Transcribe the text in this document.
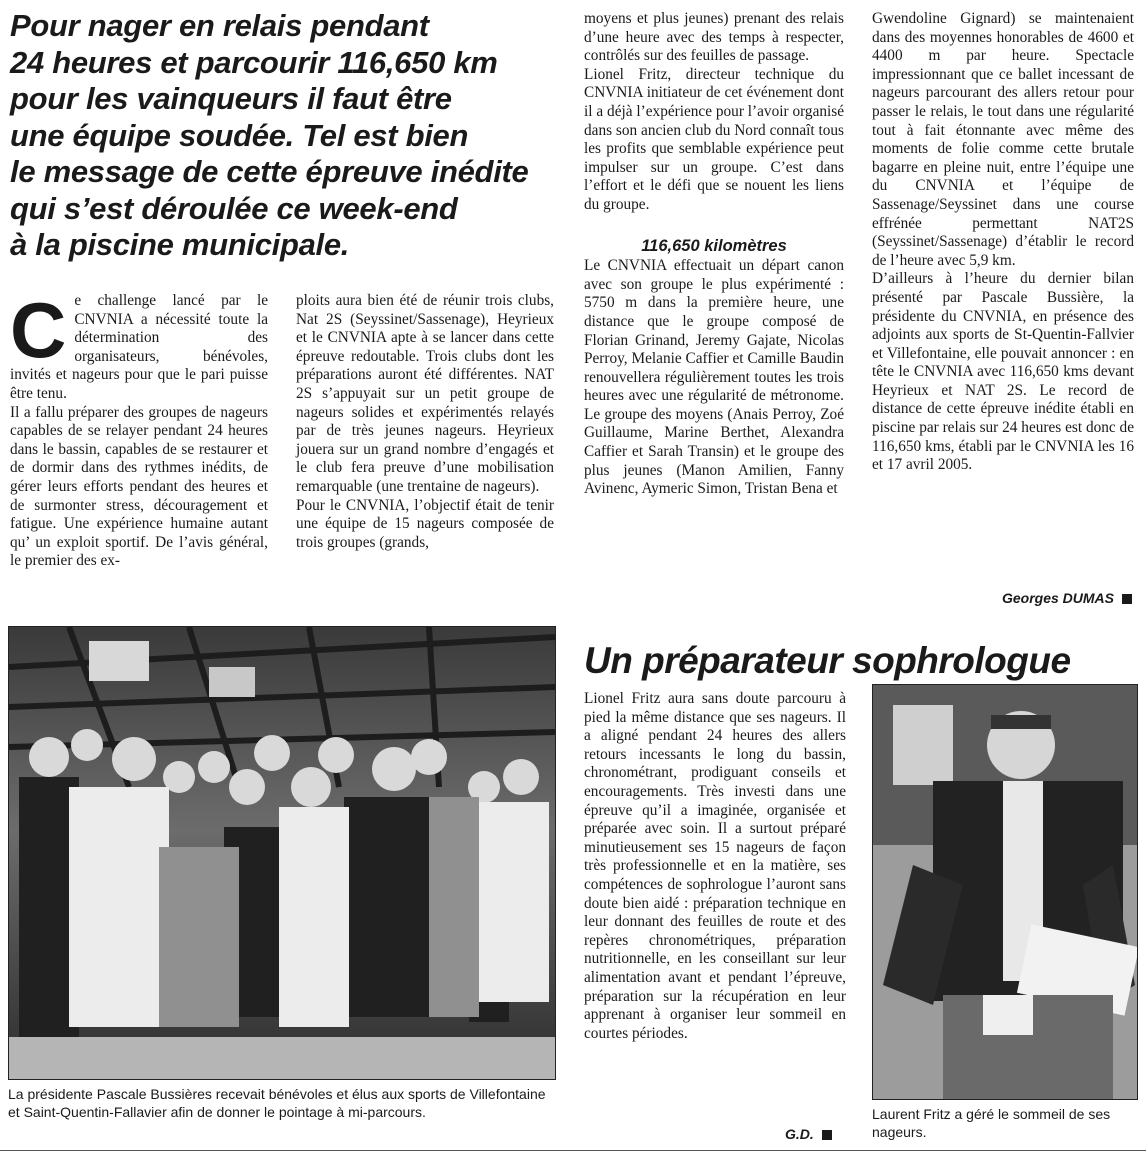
Pour nager en relais pendant
24 heures et parcourir 116,650 km
pour les vainqueurs il faut être
une équipe soudée. Tel est bien
le message de cette épreuve inédite
qui s’est déroulée ce week-end
à la piscine municipale.
C e challenge lancé par le CNVNIA a nécessité toute la détermination des organisateurs, bénévoles, invités et nageurs pour que le pari puisse être tenu.

Il a fallu préparer des groupes de nageurs capables de se relayer pendant 24 heures dans le bassin, capables de se restaurer et de dormir dans des rythmes inédits, de gérer leurs efforts pendant des heures et de surmonter stress, découragement et fatigue. Une expérience humaine autant qu’ un exploit sportif. De l’avis général, le premier des ex-

ploits aura bien été de réunir trois clubs, Nat 2S (Seyssinet/Sassenage), Heyrieux et le CNVNIA apte à se lancer dans cette épreuve redoutable. Trois clubs dont les préparations auront été différentes. NAT 2S s’appuyait sur un petit groupe de nageurs solides et expérimentés relayés par de très jeunes nageurs. Heyrieux jouera sur un grand nombre d’engagés et le club fera preuve d’une mobilisation remarquable (une trentaine de nageurs).

Pour le CNVNIA, l’objectif était de tenir une équipe de 15 nageurs composée de trois groupes (grands,

moyens et plus jeunes) prenant des relais d’une heure avec des temps à respecter, contrôlés sur des feuilles de passage.

Lionel Fritz, directeur technique du CNVNIA initiateur de cet événement dont il a déjà l’expérience pour l’avoir organisé dans son ancien club du Nord connaît tous les profits que semblable expérience peut impulser sur un groupe. C’est dans l’effort et le défi que se nouent les liens du groupe.

116,650 kilomètres

Le CNVNIA effectuait un départ canon avec son groupe le plus expérimenté : 5750 m dans la première heure, une distance que le groupe composé de Florian Grinand, Jeremy Gajate, Nicolas Perroy, Melanie Caffier et Camille Baudin renouvellera régulièrement toutes les trois heures avec une régularité de métronome. Le groupe des moyens (Anais Perroy, Zoé Guillaume, Marine Berthet, Alexandra Caffier et Sarah Transin) et le groupe des plus jeunes (Manon Amilien, Fanny Avinenc, Aymeric Simon, Tristan Bena et

Gwendoline Gignard) se maintenaient dans des moyennes honorables de 4600 et 4400 m par heure. Spectacle impressionnant que ce ballet incessant de nageurs parcourant des allers retour pour passer le relais, le tout dans une régularité tout à fait étonnante avec même des moments de folie comme cette brutale bagarre en pleine nuit, entre l’équipe une du CNVNIA et l’équipe de Sassenage/Seyssinet dans une course effrénée permettant NAT2S (Seyssinet/Sassenage) d’établir le record de l’heure avec 5,9 km.

D’ailleurs à l’heure du dernier bilan présenté par Pascale Bussière, la présidente du CNVNIA, en présence des adjoints aux sports de St-Quentin-Fallvier et Villefontaine, elle pouvait annoncer : en tête le CNVNIA avec 116,650 kms devant Heyrieux et NAT 2S. Le record de distance de cette épreuve inédite établi en piscine par relais sur 24 heures est donc de 116,650 kms, établi par le CNVNIA les 16 et 17 avril 2005.

Georges DUMAS
La présidente Pascale Bussières recevait bénévoles et élus aux sports de Villefontaine et Saint-Quentin-Fallavier afin de donner le pointage à mi-parcours.
Un préparateur sophrologue

Lionel Fritz aura sans doute parcouru à pied la même distance que ses nageurs. Il a aligné pendant 24 heures des allers retours incessants le long du bassin, chronométrant, prodiguant conseils et encouragements. Très investi dans une épreuve qu’il a imaginée, organisée et préparée avec soin. Il a surtout préparé minutieusement ses 15 nageurs de façon très professionnelle et en la matière, ses compétences de sophrologue l’auront sans doute bien aidé : préparation technique en leur donnant des feuilles de route et des repères chronométriques, préparation nutritionnelle, en les conseillant sur leur alimentation avant et pendant l’épreuve, préparation sur la récupération en leur apprenant à organiser leur sommeil en courtes périodes.

G.D.
Laurent Fritz a géré le sommeil de ses nageurs.
